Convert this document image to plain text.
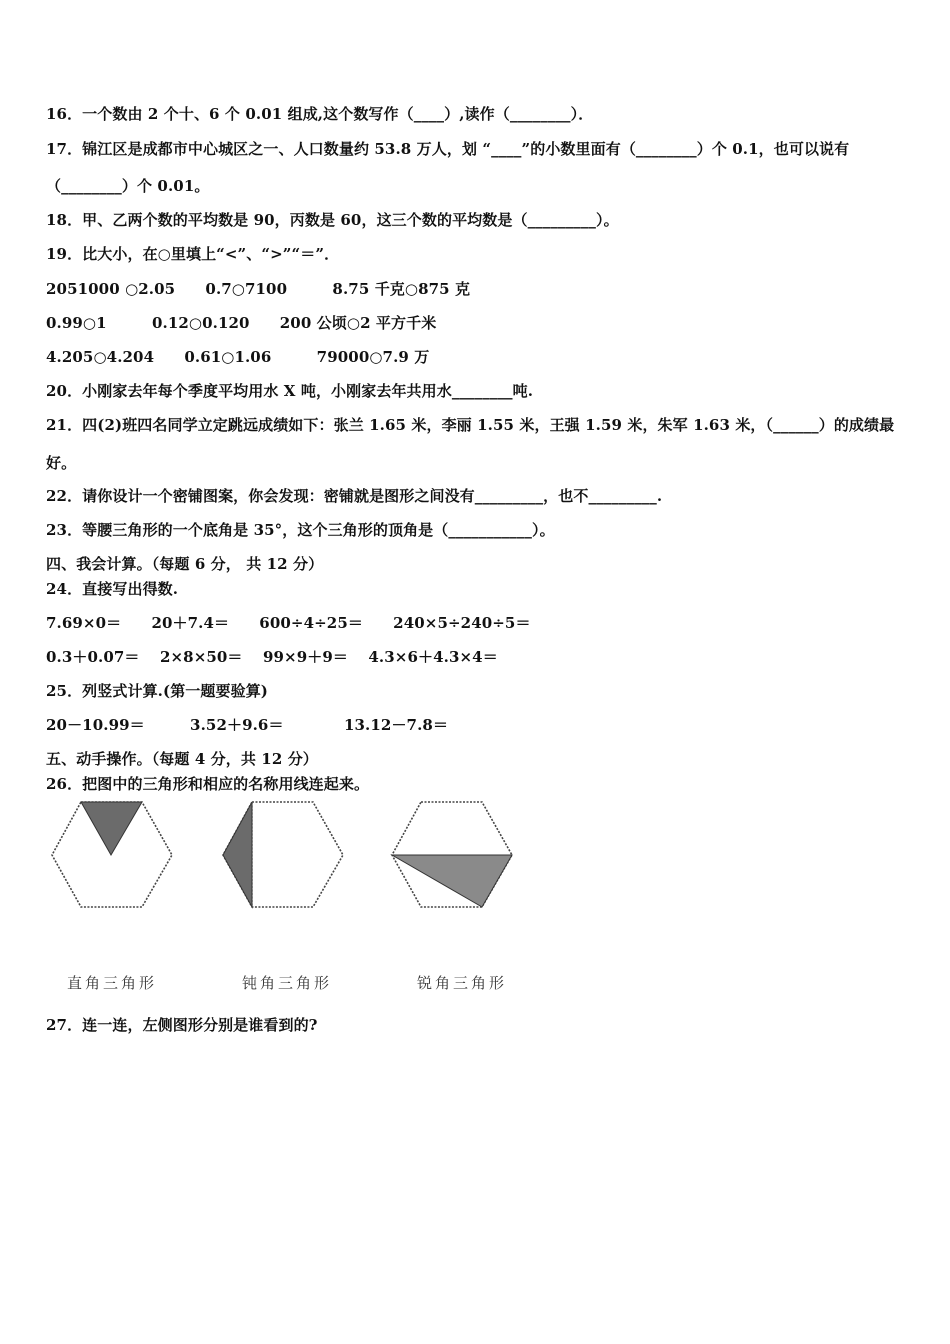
16．一个数由 2 个十、6 个 0.01 组成,这个数写作（____）,读作（________）．
17．锦江区是成都市中心城区之一、人口数量约 53.8 万人，划 “____”的小数里面有（________）个 0.1，也可以说有
（________）个 0.01。
18．甲、乙两个数的平均数是 90，丙数是 60，这三个数的平均数是（_________）。
19．比大小，在○里填上“<”、“>”“＝”．
2051000 ○2.05　　0.7○7100　　　8.75 千克○875 克
0.99○1　　　0.12○0.120　　200 公顷○2 平方千米
4.205○4.204　　0.61○1.06　　　79000○7.9 万
20．小刚家去年每个季度平均用水 X 吨，小刚家去年共用水________吨.
21．四(2)班四名同学立定跳远成绩如下：张兰 1.65 米，李丽 1.55 米，王强 1.59 米，朱军 1.63 米，（______）的成绩最
好。
22．请你设计一个密铺图案，你会发现：密铺就是图形之间没有_________，也不_________.
23．等腰三角形的一个底角是 35°，这个三角形的顶角是（___________）。
四、我会计算。（每题 6 分， 共 12 分）
24．直接写出得数.
7.69×0＝　　20＋7.4＝　　600÷4÷25＝　　240×5÷240÷5＝
0.3＋0.07＝　 2×8×50＝　 99×9＋9＝　 4.3×6＋4.3×4＝
25．列竖式计算.(第一题要验算)
20－10.99＝　　　3.52＋9.6＝　　　　13.12－7.8＝
五、动手操作。（每题 4 分，共 12 分）
26．把图中的三角形和相应的名称用线连起来。
直角三角形	钝角三角形	锐角三角形
27．连一连，左侧图形分别是谁看到的?
